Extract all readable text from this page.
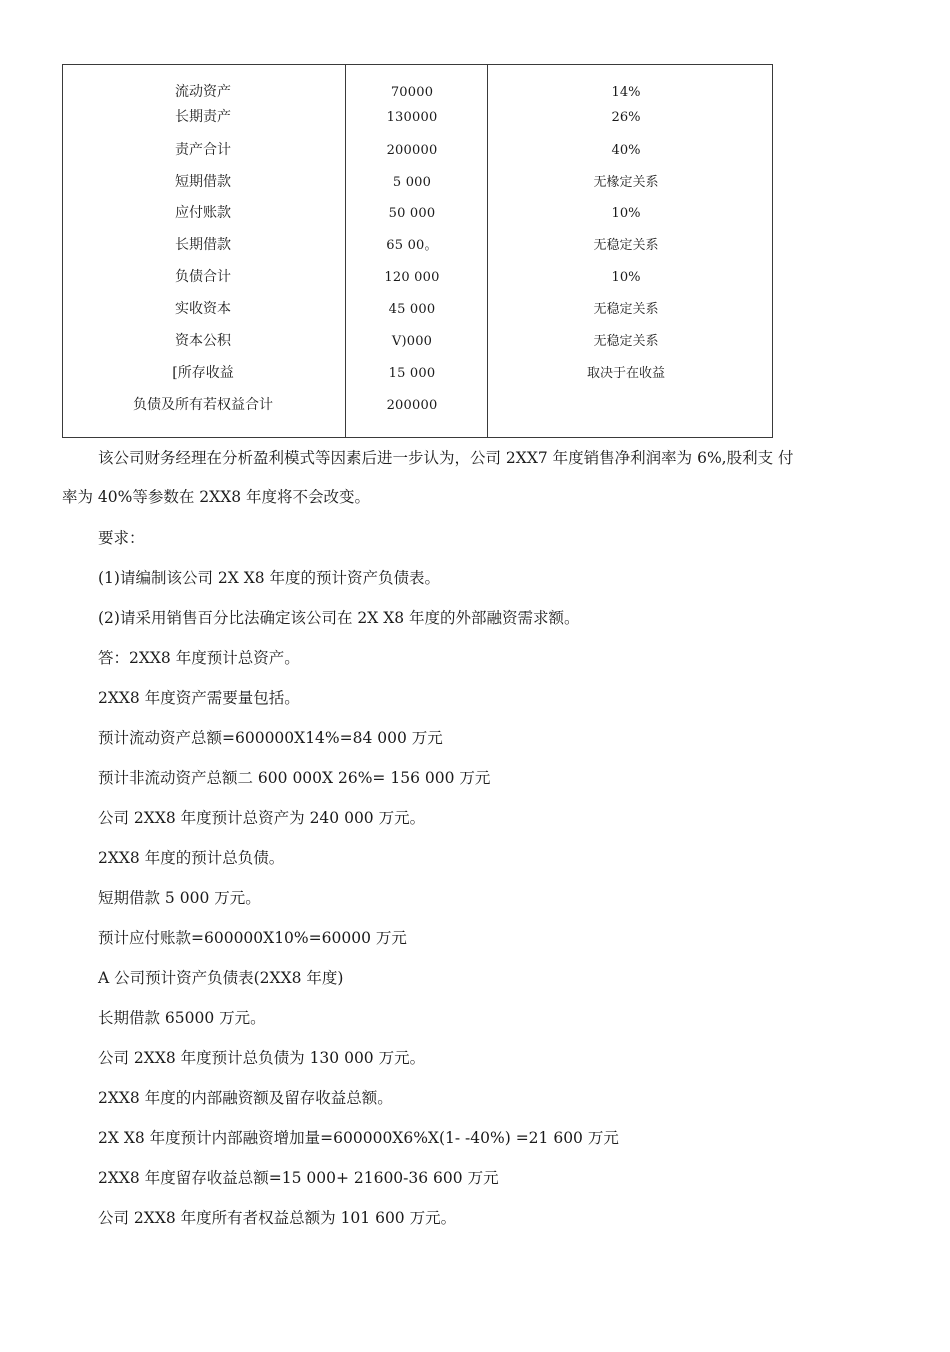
流动资产	70000	14%
长期责产	130000	26%
责产合计	200000	40%
短期借款	5 000	无椽定关系
应付账款	50 000	10%
长期借款	65 00。	无稳定关系
负债合计	120 000	10%
实收资本	45 000	无稳定关系
资本公积	V)000	无稳定关系
[所存收益	15 000	取决于在收益
负债及所有若权益合计	200000
该公司财务经理在分析盈利模式等因素后进一步认为，公司 2XX7 年度销售净利润率为 6%,股利支 付
率为 40%等参数在 2XX8 年度将不会改变。
要求：
(1)请编制该公司 2X X8 年度的预计资产负债表。
(2)请采用销售百分比法确定该公司在 2X X8 年度的外部融资需求额。
答：2XX8 年度预计总资产。
2XX8 年度资产需要量包括。
预计流动资产总额=600000X14%=84 000 万元
预计非流动资产总额二 600 000X 26%= 156 000 万元
公司 2XX8 年度预计总资产为 240 000 万元。
2XX8 年度的预计总负债。
短期借款 5 000 万元。
预计应付账款=600000X10%=60000 万元
A 公司预计资产负债表(2XX8 年度)
长期借款 65000 万元。
公司 2XX8 年度预计总负债为 130 000 万元。
2XX8 年度的内部融资额及留存收益总额。
2X X8 年度预计内部融资增加量=600000X6%X(1- -40%) =21 600 万元
2XX8 年度留存收益总额=15 000+ 21600-36 600 万元
公司 2XX8 年度所有者权益总额为 101 600 万元。
